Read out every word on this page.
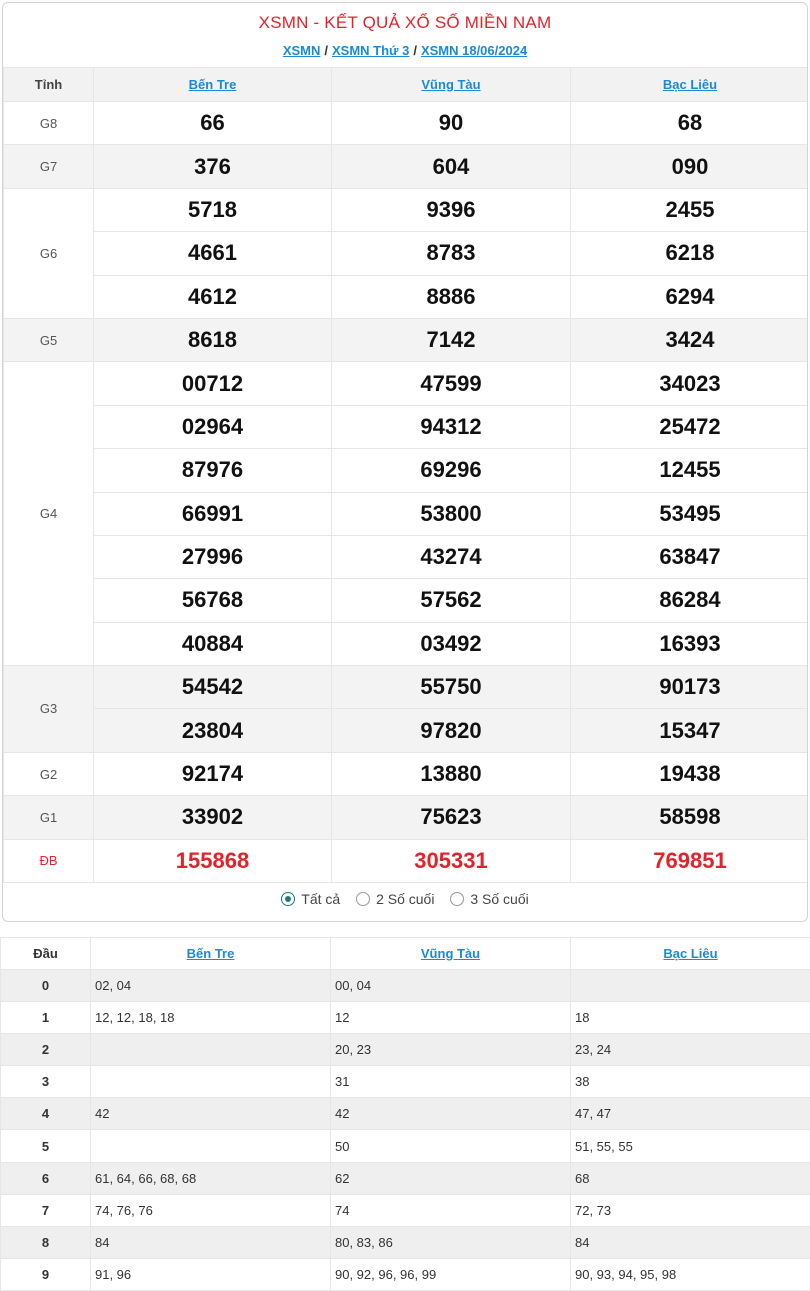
XSMN - KẾT QUẢ XỔ SỐ MIỀN NAM
XSMN / XSMN Thứ 3 / XSMN 18/06/2024
Tỉnh	Bến Tre	Vũng Tàu	Bạc Liêu
G8	66	90	68
G7	376	604	090
G6	5718	9396	2455
	4661	8783	6218
	4612	8886	6294
G5	8618	7142	3424
G4	00712	47599	34023
	02964	94312	25472
	87976	69296	12455
	66991	53800	53495
	27996	43274	63847
	56768	57562	86284
	40884	03492	16393
G3	54542	55750	90173
	23804	97820	15347
G2	92174	13880	19438
G1	33902	75623	58598
ĐB	155868	305331	769851
Tất cả
	2 Số cuối
	3 Số cuối
Đầu	Bến Tre	Vũng Tàu	Bạc Liêu
0	02, 04	00, 04	
1	12, 12, 18, 18	12	18
2		20, 23	23, 24
3		31	38
4	42	42	47, 47
5		50	51, 55, 55
6	61, 64, 66, 68, 68	62	68
7	74, 76, 76	74	72, 73
8	84	80, 83, 86	84
9	91, 96	90, 92, 96, 96, 99	90, 93, 94, 95, 98
